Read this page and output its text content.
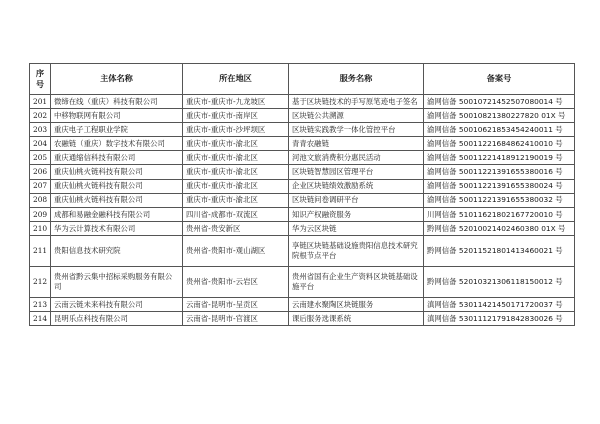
序
号	主体名称	所在地区	服务名称	备案号
201	微缔在线（重庆）科技有限公司	重庆市-重庆市-九龙坡区	基于区块链技术的手写原笔迹电子签名	渝网信备 50010721452507080014 号
202	中移物联网有限公司	重庆市-重庆市-南岸区	区块链公共溯源	渝网信备 50010821380227820 01X 号
203	重庆电子工程职业学院	重庆市-重庆市-沙坪坝区	区块链实践教学一体化管控平台	渝网信备 50010621853454240011 号
204	农融链（重庆）数字技术有限公司	重庆市-重庆市-渝北区	青青农融链	渝网信备 50011221684862410010 号
205	重庆通缩信科技有限公司	重庆市-重庆市-渝北区	河池文旅消费积分惠民活动	渝网信备 50011221418912190019 号
206	重庆仙桃火链科技有限公司	重庆市-重庆市-渝北区	区块链智慧园区管理平台	渝网信备 50011221391655380016 号
207	重庆仙桃火链科技有限公司	重庆市-重庆市-渝北区	企业区块链绩效激励系统	渝网信备 50011221391655380024 号
208	重庆仙桃火链科技有限公司	重庆市-重庆市-渝北区	区块链问卷调研平台	渝网信备 50011221391655380032 号
209	成都和易融金融科技有限公司	四川省-成都市-双流区	知识产权融资服务	川网信备 51011621802167720010 号
210	华为云计算技术有限公司	贵州省-贵安新区	华为云区块链	黔网信备 52010021402460380 01X 号
211	贵阳信息技术研究院	贵州省-贵阳市-观山湖区	享链区块链基础设施贵阳信息技术研究院根节点平台	黔网信备 52011521801413460021 号
212	贵州省黔云集中招标采购服务有限公司	贵州省-贵阳市-云岩区	贵州省国有企业生产资料区块链基础设施平台	黔网信备 52010321306118150012 号
213	云南云链未来科技有限公司	云南省-昆明市-呈贡区	云南建水聚陶区块链服务	滇网信备 53011421450171720037 号
214	昆明乐点科技有限公司	云南省-昆明市-官渡区	课后服务选课系统	滇网信备 53011121791842830026 号
